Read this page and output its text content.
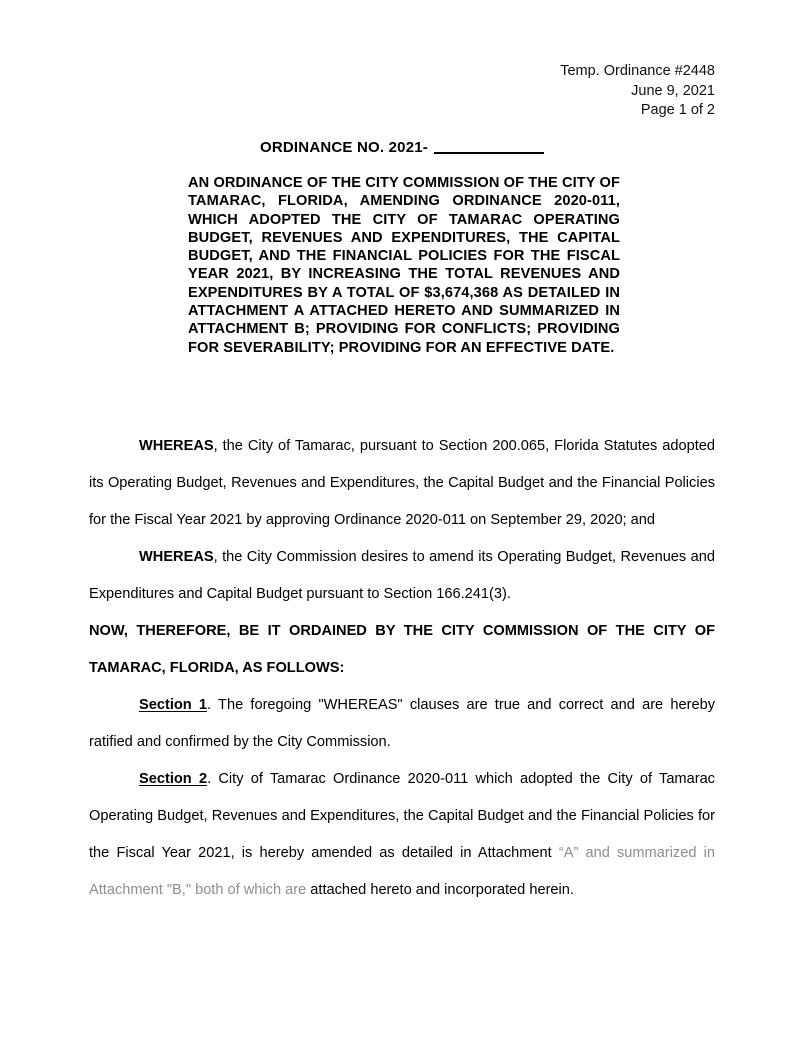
Temp. Ordinance #2448
June 9, 2021
Page 1 of 2
ORDINANCE NO. 2021-
AN ORDINANCE OF THE CITY COMMISSION OF THE CITY OF TAMARAC, FLORIDA, AMENDING ORDINANCE 2020-011, WHICH ADOPTED THE CITY OF TAMARAC OPERATING BUDGET, REVENUES AND EXPENDITURES, THE CAPITAL BUDGET, AND THE FINANCIAL POLICIES FOR THE FISCAL YEAR 2021, BY INCREASING THE TOTAL REVENUES AND EXPENDITURES BY A TOTAL OF $3,674,368 AS DETAILED IN ATTACHMENT A ATTACHED HERETO AND SUMMARIZED IN ATTACHMENT B; PROVIDING FOR CONFLICTS; PROVIDING FOR SEVERABILITY; PROVIDING FOR AN EFFECTIVE DATE.

WHEREAS, the City of Tamarac, pursuant to Section 200.065, Florida Statutes adopted its Operating Budget, Revenues and Expenditures, the Capital Budget and the Financial Policies for the Fiscal Year 2021 by approving Ordinance 2020-011 on September 29, 2020; and

WHEREAS, the City Commission desires to amend its Operating Budget, Revenues and Expenditures and Capital Budget pursuant to Section 166.241(3).

NOW, THEREFORE, BE IT ORDAINED BY THE CITY COMMISSION OF THE CITY OF TAMARAC, FLORIDA, AS FOLLOWS:

Section 1. The foregoing "WHEREAS" clauses are true and correct and are hereby ratified and confirmed by the City Commission.

Section 2. City of Tamarac Ordinance 2020-011 which adopted the City of Tamarac Operating Budget, Revenues and Expenditures, the Capital Budget and the Financial Policies for the Fiscal Year 2021, is hereby amended as detailed in Attachment “A” and summarized in Attachment "B," both of which are attached hereto and incorporated herein.
